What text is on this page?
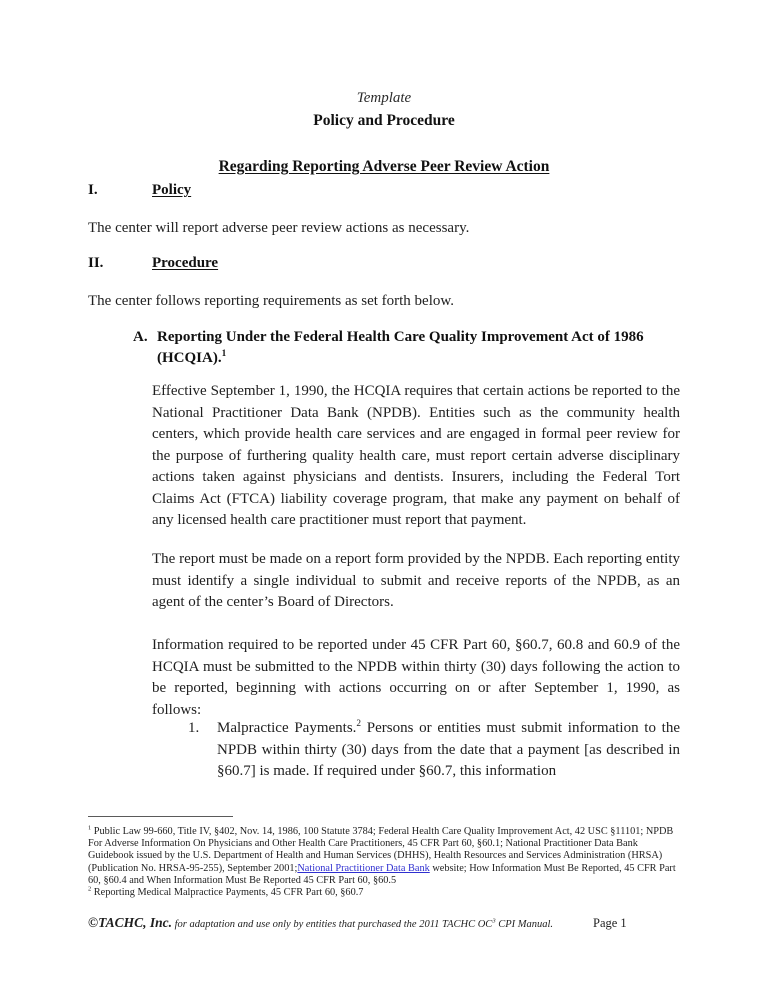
Template
Policy and Procedure
Regarding Reporting Adverse Peer Review Action
I.	Policy
The center will report adverse peer review actions as necessary.
II.	Procedure
The center follows reporting requirements as set forth below.
A. Reporting Under the Federal Health Care Quality Improvement Act of 1986 (HCQIA).$^1$
Effective September 1, 1990, the HCQIA requires that certain actions be reported to the National Practitioner Data Bank (NPDB). Entities such as the community health centers, which provide health care services and are engaged in formal peer review for the purpose of furthering quality health care, must report certain adverse disciplinary actions taken against physicians and dentists. Insurers, including the Federal Tort Claims Act (FTCA) liability coverage program, that make any payment on behalf of any licensed health care practitioner must report that payment.
The report must be made on a report form provided by the NPDB. Each reporting entity must identify a single individual to submit and receive reports of the NPDB, as an agent of the center’s Board of Directors.
Information required to be reported under 45 CFR Part 60, §60.7, 60.8 and 60.9 of the HCQIA must be submitted to the NPDB within thirty (30) days following the action to be reported, beginning with actions occurring on or after September 1, 1990, as follows:
1. Malpractice Payments.$^2$ Persons or entities must submit information to the NPDB within thirty (30) days from the date that a payment [as described in §60.7] is made. If required under §60.7, this information

$^1$ Public Law 99-660, Title IV, §402, Nov. 14, 1986, 100 Statute 3784; Federal Health Care Quality Improvement Act, 42 USC §11101; NPDB For Adverse Information On Physicians and Other Health Care Practitioners, 45 CFR Part 60, §60.1; National Practitioner Data Bank Guidebook issued by the U.S. Department of Health and Human Services (DHHS), Health Resources and Services Administration (HRSA) (Publication No. HRSA-95-255), September 2001;National Practitioner Data Bank website; How Information Must Be Reported, 45 CFR Part 60, §60.4 and When Information Must Be Reported 45 CFR Part 60, §60.5

$^2$ Reporting Medical Malpractice Payments, 45 CFR Part 60, §60.7

©TACHC, Inc. for adaptation and use only by entities that purchased the 2011 TACHC $OC^3$ CPI Manual.	Page 1
